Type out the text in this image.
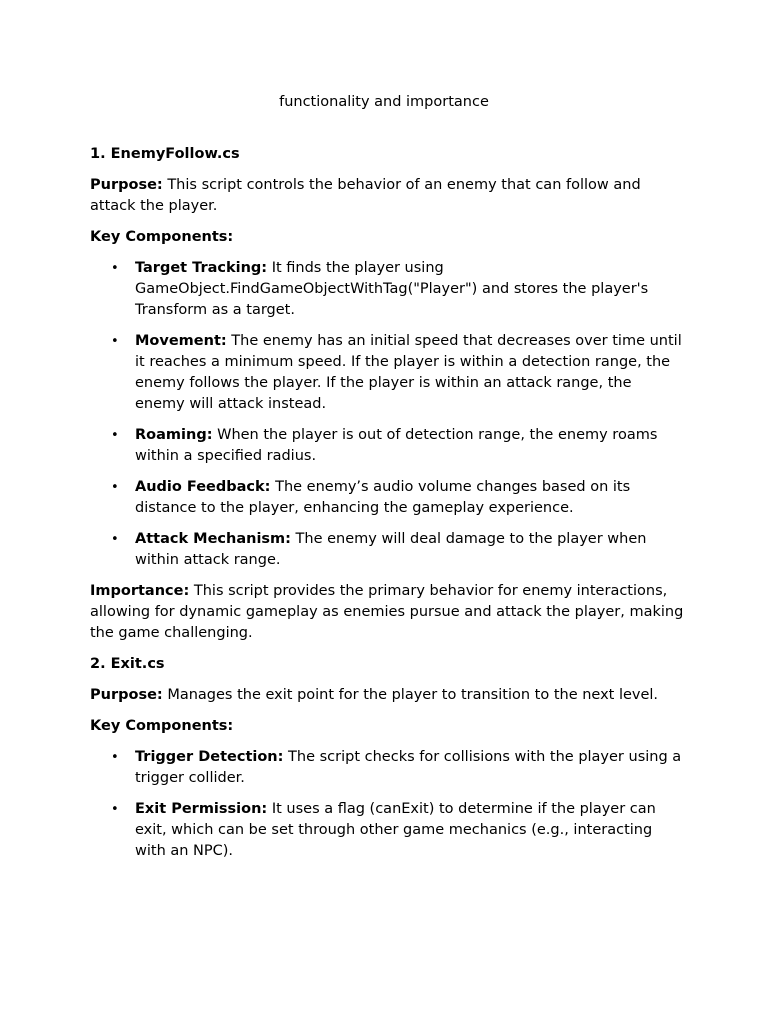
functionality and importance
1. EnemyFollow.cs

Purpose: This script controls the behavior of an enemy that can follow and attack the player.

Key Components:

• Target Tracking: It finds the player using GameObject.FindGameObjectWithTag("Player") and stores the player's Transform as a target.
• Movement: The enemy has an initial speed that decreases over time until it reaches a minimum speed. If the player is within a detection range, the enemy follows the player. If the player is within an attack range, the enemy will attack instead.
• Roaming: When the player is out of detection range, the enemy roams within a specified radius.
• Audio Feedback: The enemy’s audio volume changes based on its distance to the player, enhancing the gameplay experience.
• Attack Mechanism: The enemy will deal damage to the player when within attack range.

Importance: This script provides the primary behavior for enemy interactions, allowing for dynamic gameplay as enemies pursue and attack the player, making the game challenging.

2. Exit.cs

Purpose: Manages the exit point for the player to transition to the next level.

Key Components:

• Trigger Detection: The script checks for collisions with the player using a trigger collider.
• Exit Permission: It uses a flag (canExit) to determine if the player can exit, which can be set through other game mechanics (e.g., interacting with an NPC).
